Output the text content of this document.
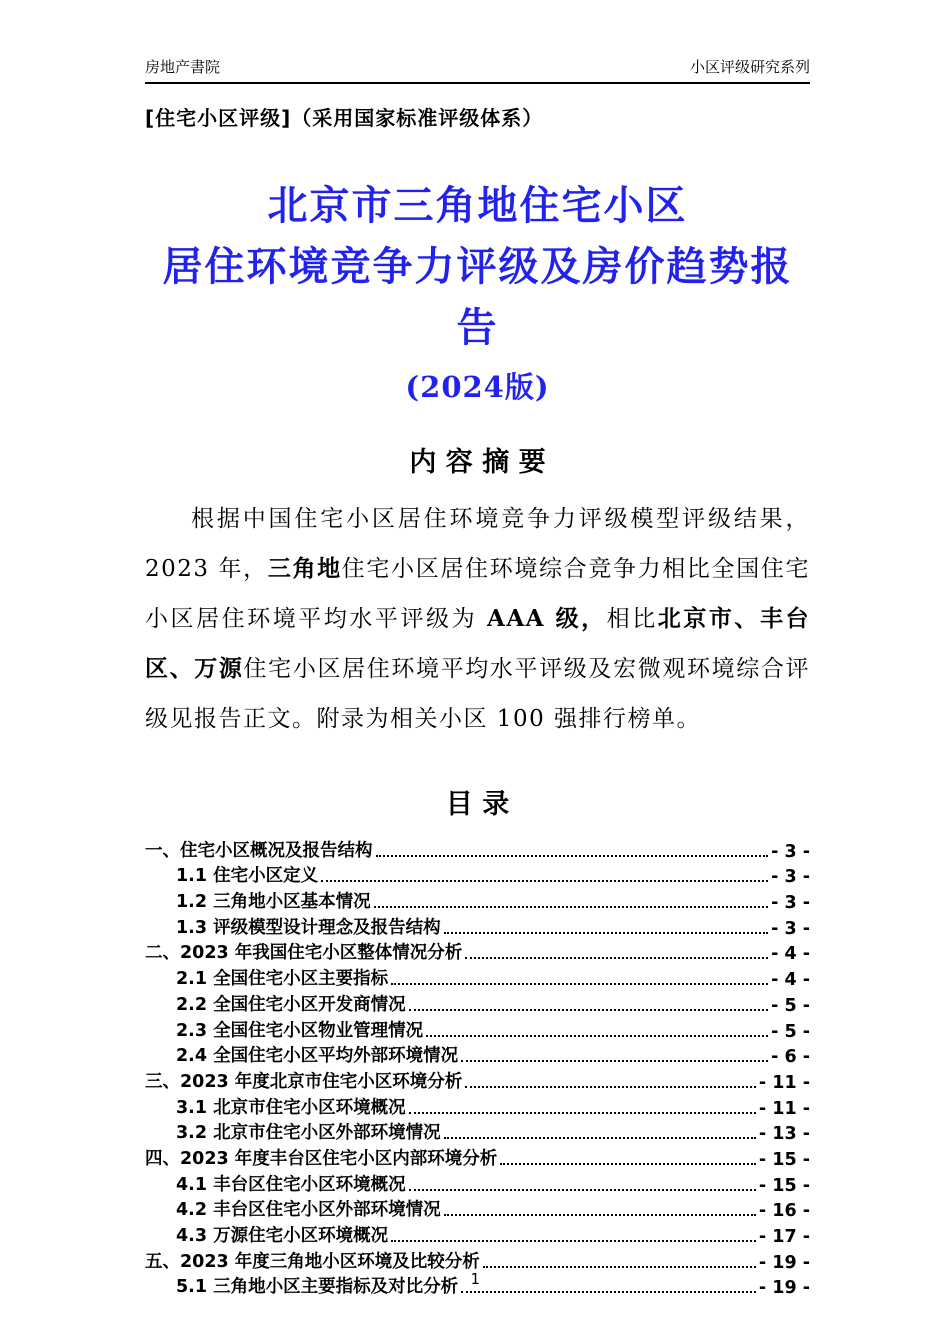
房地产書院	小区评级研究系列
[住宅小区评级]（采用国家标准评级体系）
北京市三角地住宅小区
居住环境竞争力评级及房价趋势报告
(2024版)
内 容 摘 要

根据中国住宅小区居住环境竞争力评级模型评级结果，2023 年，三角地住宅小区居住环境综合竞争力相比全国住宅小区居住环境平均水平评级为 AAA 级，相比北京市、丰台区、万源住宅小区居住环境平均水平评级及宏微观环境综合评级见报告正文。附录为相关小区 100 强排行榜单。

目 录
一、住宅小区概况及报告结构	- 3 -
1.1 住宅小区定义	- 3 -
1.2 三角地小区基本情况	- 3 -
1.3 评级模型设计理念及报告结构	- 3 -
二、2023 年我国住宅小区整体情况分析	- 4 -
2.1 全国住宅小区主要指标	- 4 -
2.2 全国住宅小区开发商情况	- 5 -
2.3 全国住宅小区物业管理情况	- 5 -
2.4 全国住宅小区平均外部环境情况	- 6 -
三、2023 年度北京市住宅小区环境分析	- 11 -
3.1 北京市住宅小区环境概况	- 11 -
3.2 北京市住宅小区外部环境情况	- 13 -
四、2023 年度丰台区住宅小区内部环境分析	- 15 -
4.1 丰台区住宅小区环境概况	- 15 -
4.2 丰台区住宅小区外部环境情况	- 16 -
4.3 万源住宅小区环境概况	- 17 -
五、2023 年度三角地小区环境及比较分析	- 19 -
5.1 三角地小区主要指标及对比分析	- 19 -
1
